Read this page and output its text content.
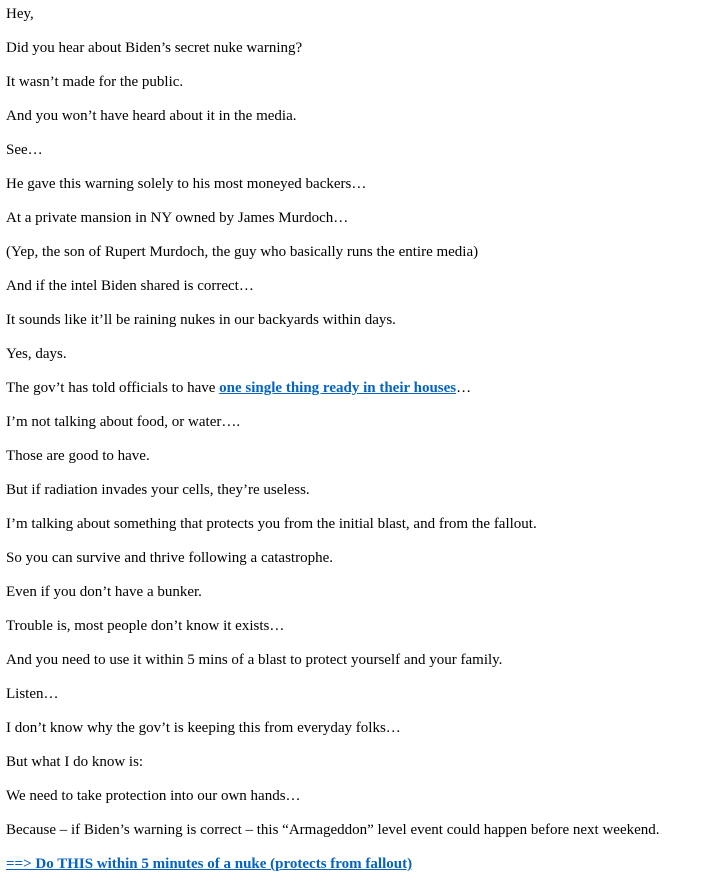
Hey,

Did you hear about Biden’s secret nuke warning?

It wasn’t made for the public.

And you won’t have heard about it in the media.

See…

He gave this warning solely to his most moneyed backers…

At a private mansion in NY owned by James Murdoch…

(Yep, the son of Rupert Murdoch, the guy who basically runs the entire media)

And if the intel Biden shared is correct…

It sounds like it’ll be raining nukes in our backyards within days.

Yes, days.

The gov’t has told officials to have one single thing ready in their houses…

I’m not talking about food, or water….

Those are good to have.

But if radiation invades your cells, they’re useless.

I’m talking about something that protects you from the initial blast, and from the fallout.

So you can survive and thrive following a catastrophe.

Even if you don’t have a bunker.

Trouble is, most people don’t know it exists…

And you need to use it within 5 mins of a blast to protect yourself and your family.

Listen…

I don’t know why the gov’t is keeping this from everyday folks…

But what I do know is:

We need to take protection into our own hands…

Because – if Biden’s warning is correct – this “Armageddon” level event could happen before next weekend.

==> Do THIS within 5 minutes of a nuke (protects from fallout)
